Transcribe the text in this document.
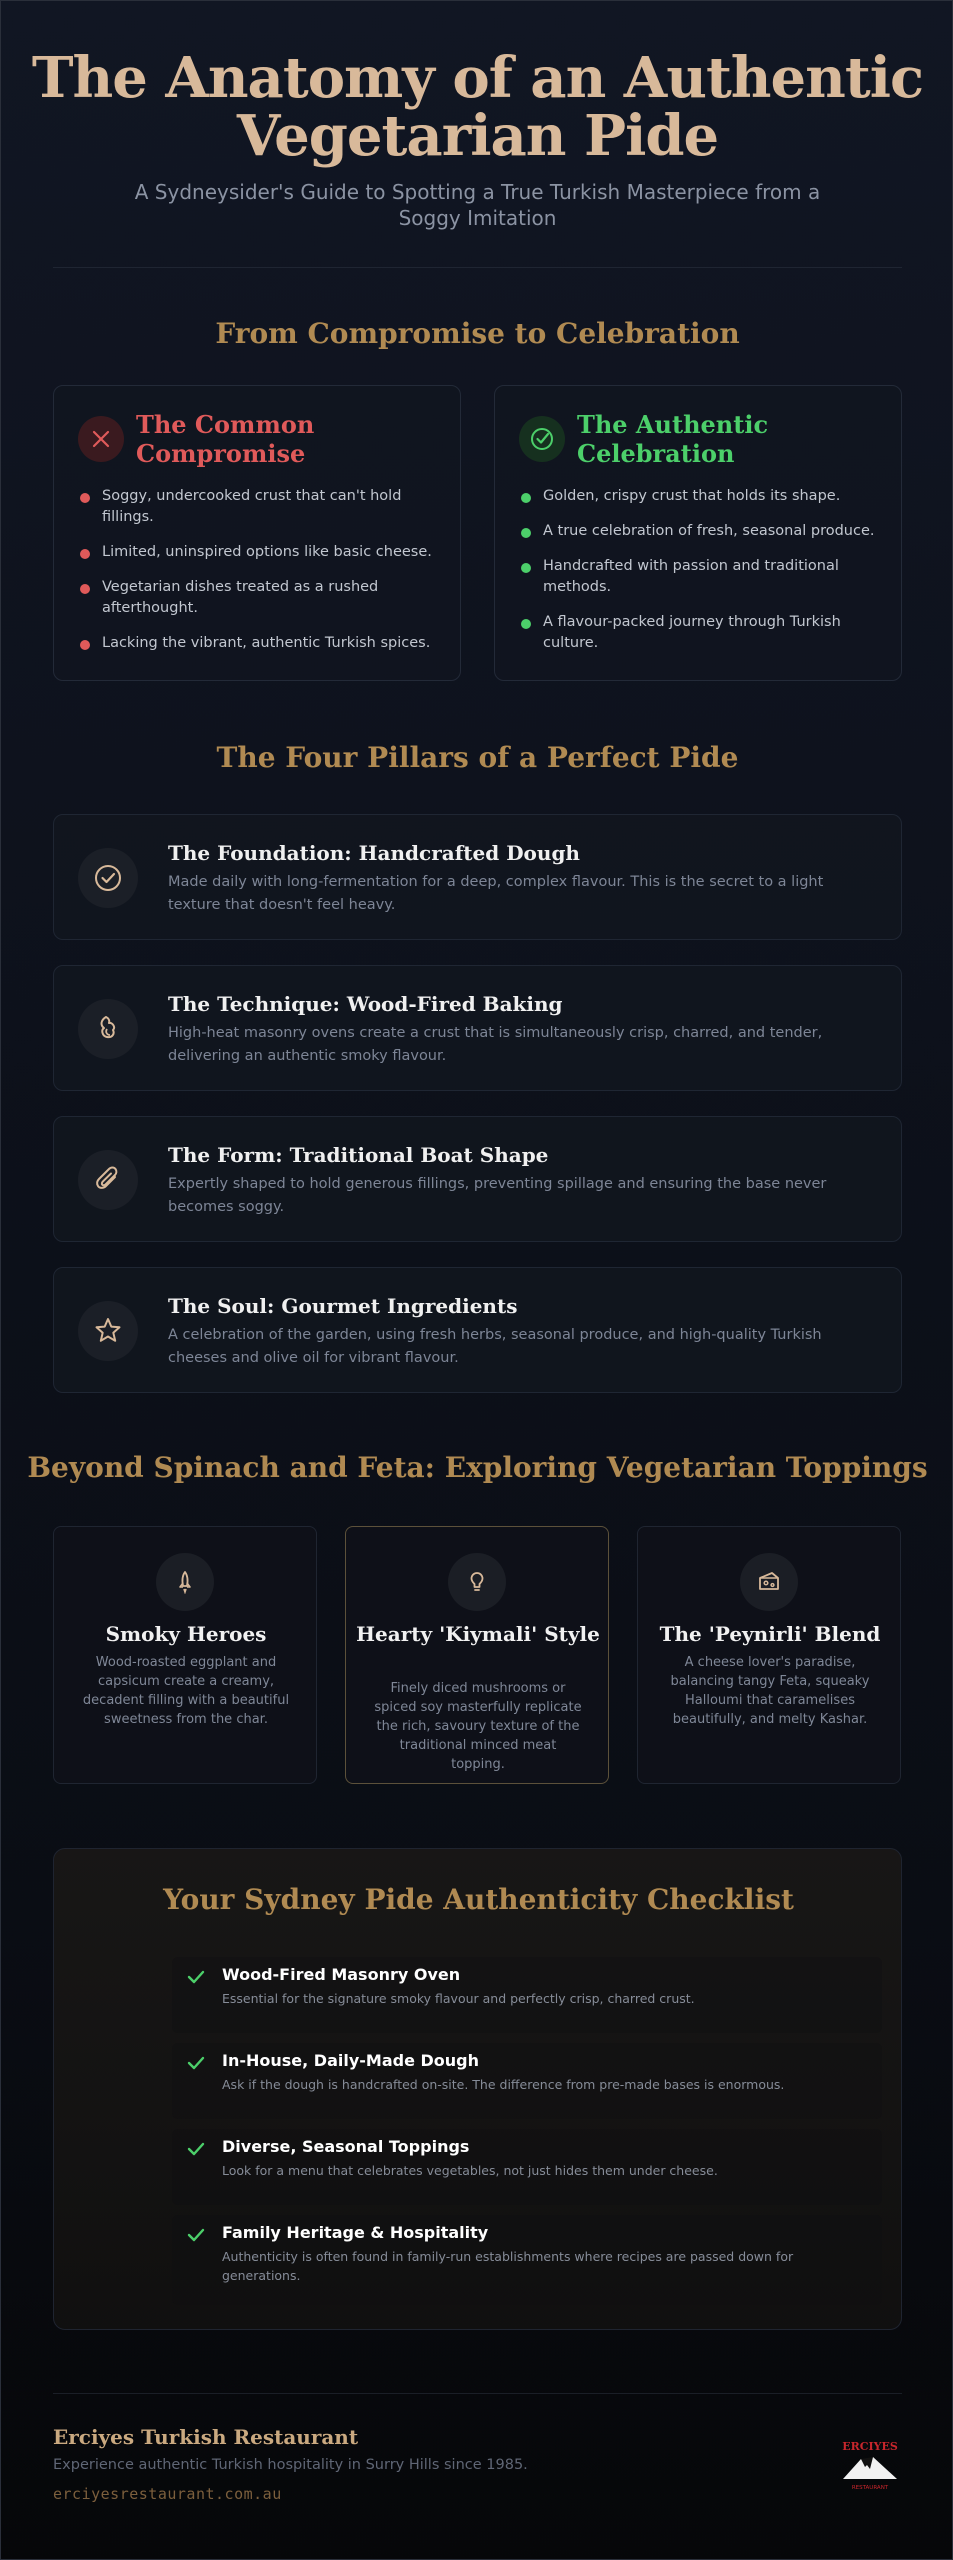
The Anatomy of an Authentic
Vegetarian Pide

A Sydneysider's Guide to Spotting a True Turkish Masterpiece from a Soggy Imitation

From Compromise to Celebration
The Common Compromise
Soggy, undercooked crust that can't hold fillings.
Limited, uninspired options like basic cheese.
Vegetarian dishes treated as a rushed afterthought.
Lacking the vibrant, authentic Turkish spices.
The Authentic Celebration
Golden, crispy crust that holds its shape.
A true celebration of fresh, seasonal produce.
Handcrafted with passion and traditional methods.
A flavour-packed journey through Turkish culture.
The Four Pillars of a Perfect Pide
The Foundation: Handcrafted Dough
Made daily with long-fermentation for a deep, complex flavour. This is the secret to a light texture that doesn't feel heavy.
The Technique: Wood-Fired Baking
High-heat masonry ovens create a crust that is simultaneously crisp, charred, and tender, delivering an authentic smoky flavour.
The Form: Traditional Boat Shape
Expertly shaped to hold generous fillings, preventing spillage and ensuring the base never becomes soggy.
The Soul: Gourmet Ingredients
A celebration of the garden, using fresh herbs, seasonal produce, and high-quality Turkish cheeses and olive oil for vibrant flavour.
Beyond Spinach and Feta: Exploring Vegetarian Toppings
Smoky Heroes
Wood-roasted eggplant and capsicum create a creamy, decadent filling with a beautiful sweetness from the char.
Hearty 'Kiymali' Style
Finely diced mushrooms or spiced soy masterfully replicate the rich, savoury texture of the traditional minced meat topping.
The 'Peynirli' Blend
A cheese lover's paradise, balancing tangy Feta, squeaky Halloumi that caramelises beautifully, and melty Kashar.
Your Sydney Pide Authenticity Checklist
Wood-Fired Masonry Oven
Essential for the signature smoky flavour and perfectly crisp, charred crust.
In-House, Daily-Made Dough
Ask if the dough is handcrafted on-site. The difference from pre-made bases is enormous.
Diverse, Seasonal Toppings
Look for a menu that celebrates vegetables, not just hides them under cheese.
Family Heritage & Hospitality
Authenticity is often found in family-run establishments where recipes are passed down for generations.
Erciyes Turkish Restaurant
Experience authentic Turkish hospitality in Surry Hills since 1985.
erciyesrestaurant.com.au
ERCIYES
RESTAURANT
